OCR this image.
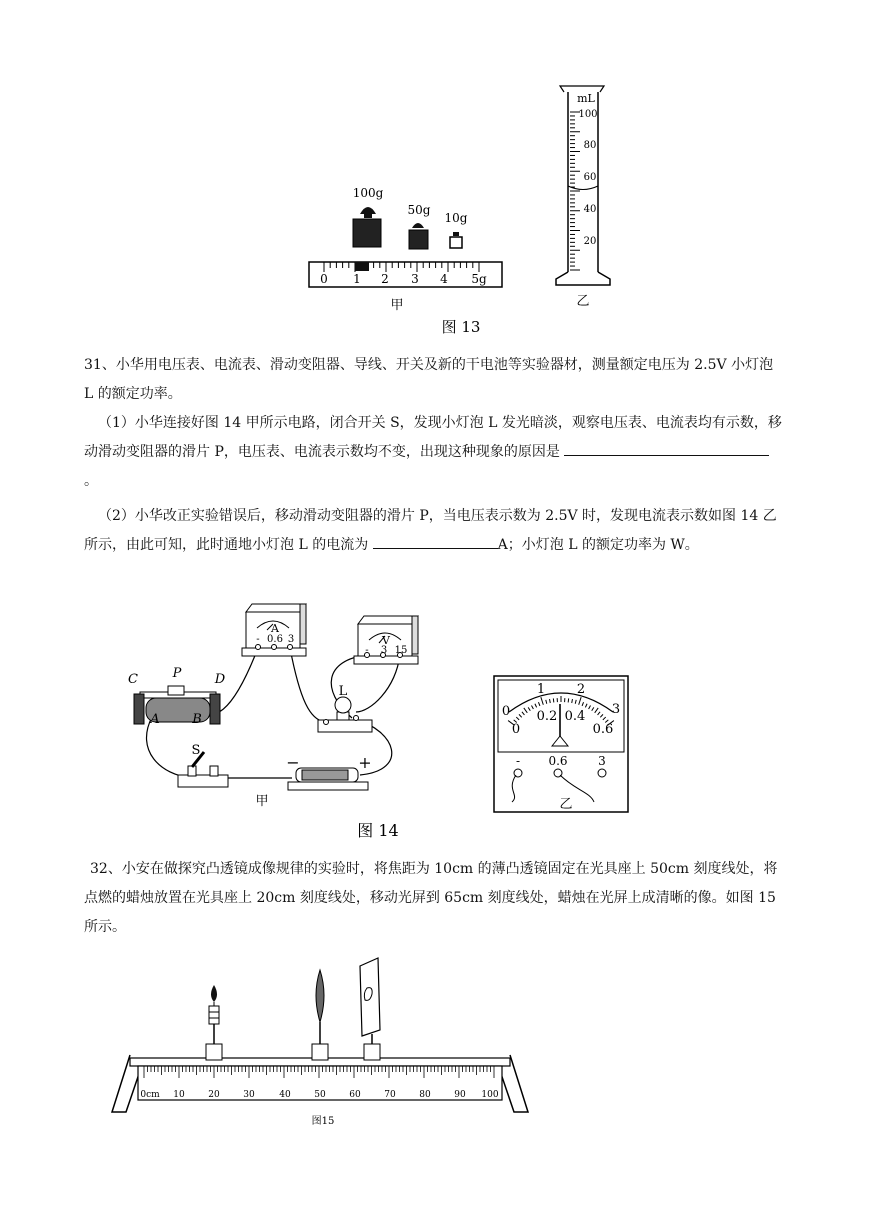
100g
50g
10g
0 1 2 3 4 5g
甲
mL
100
80
60
40
20
乙
图 13
31、小华用电压表、电流表、滑动变阻器、导线、开关及新的干电池等实验器材，测量额定电压为 2.5V 小灯泡 L 的额定功率。
（1）小华连接好图 14 甲所示电路，闭合开关 S，发现小灯泡 L 发光暗淡，观察电压表、电流表均有示数，移动滑动变阻器的滑片 P，电压表、电流表示数均不变，出现这种现象的原因是  。
（2）小华改正实验错误后，移动滑动变阻器的滑片 P，当电压表示数为 2.5V 时，发现电流表示数如图 14 乙所示，由此可知，此时通地小灯泡 L 的电流为	A；小灯泡 L 的额定功率为 W。
A
- 0.6 3	V
- 3 15
L
C	P	D
A	B
S
−	+
甲
0
1 2
3
0
0.2 0.4
0.6
- 0.6	3
乙
图 14
32、小安在做探究凸透镜成像规律的实验时，将焦距为 10cm 的薄凸透镜固定在光具座上 50cm 刻度线处，将点燃的蜡烛放置在光具座上 20cm 刻度线处，移动光屏到 65cm 刻度线处，蜡烛在光屏上成清晰的像。如图 15 所示。
0cm 10	20	30	40	50	60	70	80	90 100
图15
